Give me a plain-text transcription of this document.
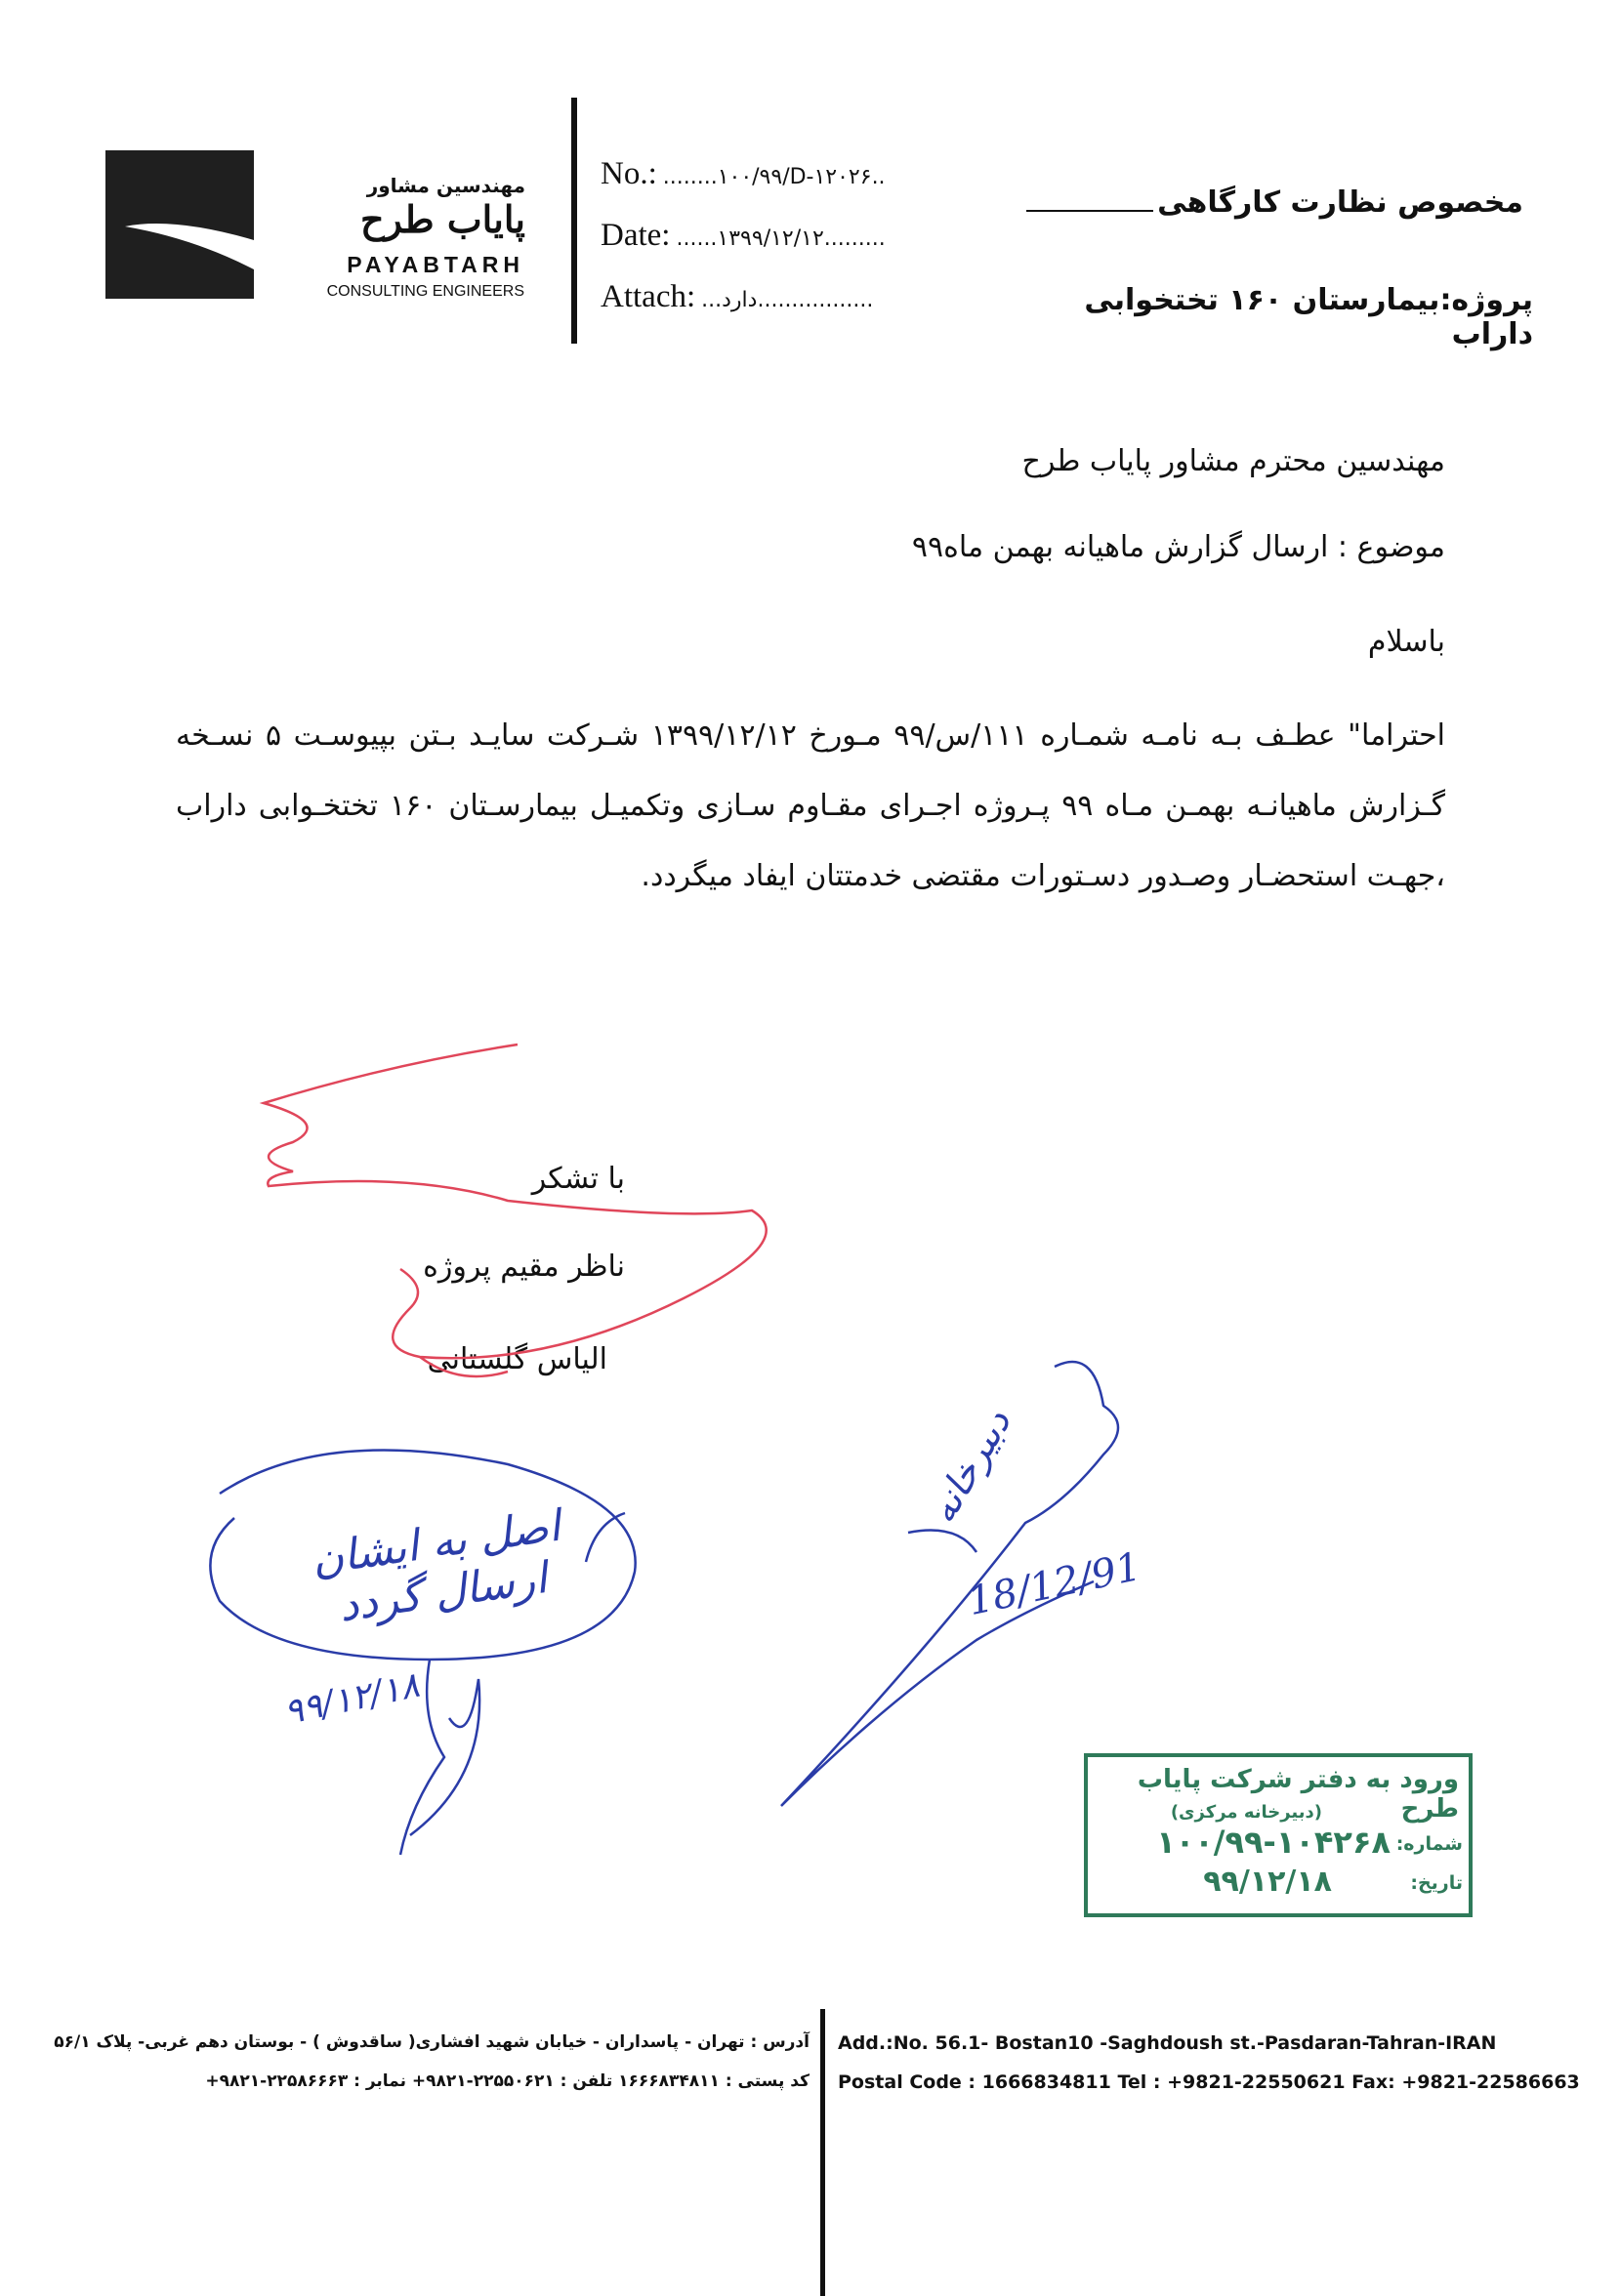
مهندسین مشاور
پایاب طرح
PAYABTARH
CONSULTING ENGINEERS
No.: ........۱۰۰/۹۹/D-۱۲۰۲۶..
Date: ......۱۳۹۹/۱۲/۱۲.........
Attach: ...دارد.................
مخصوص نظارت کارگاهی
پروژه:بیمارستان ۱۶۰ تختخوابی داراب
مهندسین محترم مشاور پایاب طرح
موضوع : ارسال گزارش ماهیانه بهمن ماه۹۹
باسلام
احتراما" عطـف بـه نامـه شمـاره ۱۱۱/س/۹۹ مـورخ ۱۳۹۹/۱۲/۱۲ شـرکت سایـد بـتن بپیوسـت ۵ نسـخه گـزارش ماهیانـه بهمـن مـاه ۹۹ پـروژه اجـرای مقـاوم سـازی وتکمیـل بیمارسـتان ۱۶۰ تختخـوابی داراب ،جهـت استحضـار وصـدور دسـتورات مقتضی خدمتتان ایفاد میگردد.
با تشکر
ناظر مقیم پروژه
الیاس گلستانی
اصل به ایشان ارسال گردد
۹۹/۱۲/۱۸
دبیرخانه
18/12/91
ورود به دفتر شرکت پایاب طرح
(دبیرخانه مرکزی)
شماره:
۱۰۰/۹۹-۱۰۴۲۶۸
تاریخ:
۹۹/۱۲/۱۸
آدرس : تهران - پاسداران - خیابان شهید افشاری( ساقدوش ) - بوستان دهم غربی- پلاک ۵۶/۱
کد پستی : ۱۶۶۶۸۳۴۸۱۱ تلفن : ۲۲۵۵۰۶۲۱-۹۸۲۱+ نمابر : ۲۲۵۸۶۶۶۳-۹۸۲۱+
Add.:No. 56.1- Bostan10 -Saghdoush st.-Pasdaran-Tahran-IRAN
Postal Code : 1666834811 Tel : +9821-22550621 Fax: +9821-22586663
